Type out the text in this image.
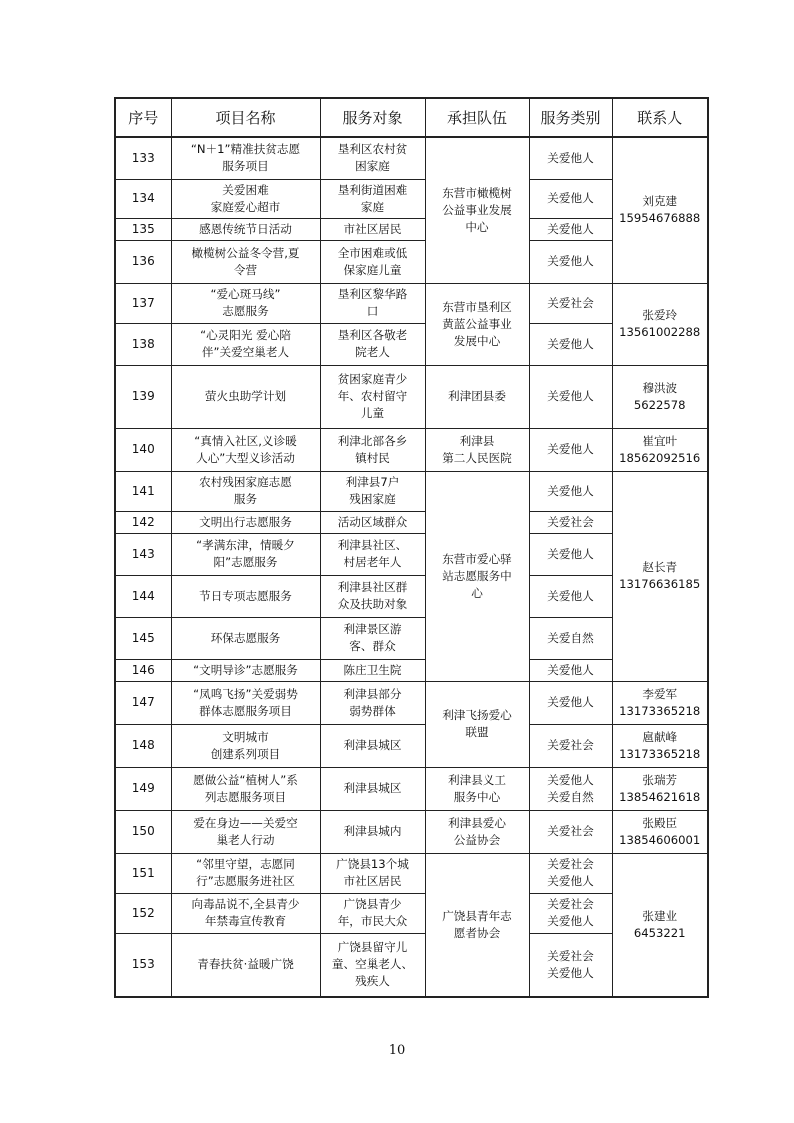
序号	项目名称	服务对象	承担队伍	服务类别	联系人
133	“N＋1”精准扶贫志愿
服务项目	垦利区农村贫
困家庭	东营市橄榄树
公益事业发展
中心	关爱他人	刘克建
15954676888

134	关爱困难
家庭爱心超市	垦利街道困难
家庭		关爱他人	

135	感恩传统节日活动	市社区居民		关爱他人	

136	橄榄树公益冬令营,夏
令营	全市困难或低
保家庭儿童		关爱他人	

137	“爱心斑马线”
志愿服务	垦利区黎华路
口	东营市垦利区
黄蓝公益事业
发展中心	关爱社会	张爱玲
13561002288

138	“心灵阳光 爱心陪
伴”关爱空巢老人	垦利区各敬老
院老人		关爱他人	

139	萤火虫助学计划	贫困家庭青少
年、农村留守
儿童	利津团县委	关爱他人	穆洪波
5622578

140	“真情入社区,义诊暖
人心”大型义诊活动	利津北部各乡
镇村民	利津县
第二人民医院	关爱他人	崔宜叶
18562092516

141	农村残困家庭志愿
服务	利津县7户
残困家庭	东营市爱心驿
站志愿服务中
心	关爱他人	赵长青
13176636185

142	文明出行志愿服务	活动区域群众		关爱社会	

143	“孝满东津，情暖夕
阳”志愿服务	利津县社区、
村居老年人		关爱他人	

144	节日专项志愿服务	利津县社区群
众及扶助对象		关爱他人	

145	环保志愿服务	利津景区游
客、群众		关爱自然	

146	“文明导诊”志愿服务	陈庄卫生院		关爱他人	

147	“凤鸣飞扬”关爱弱势
群体志愿服务项目	利津县部分
弱势群体	利津飞扬爱心
联盟	关爱他人	李爱军
13173365218

148	文明城市
创建系列项目	利津县城区		关爱社会	扈献峰
13173365218

149	愿做公益“植树人”系
列志愿服务项目	利津县城区	利津县义工
服务中心	关爱他人
关爱自然	张瑞芳
13854621618

150	爱在身边——关爱空
巢老人行动	利津县城内	利津县爱心
公益协会	关爱社会	张殿臣
13854606001

151	“邻里守望，志愿同
行”志愿服务进社区	广饶县13个城
市社区居民	广饶县青年志
愿者协会	关爱社会
关爱他人	张建业
6453221

152	向毒品说不,全县青少
年禁毒宣传教育	广饶县青少
年，市民大众		关爱社会
关爱他人	

153	青春扶贫·益暖广饶	广饶县留守儿
童、空巢老人、
残疾人		关爱社会
关爱他人	
10
